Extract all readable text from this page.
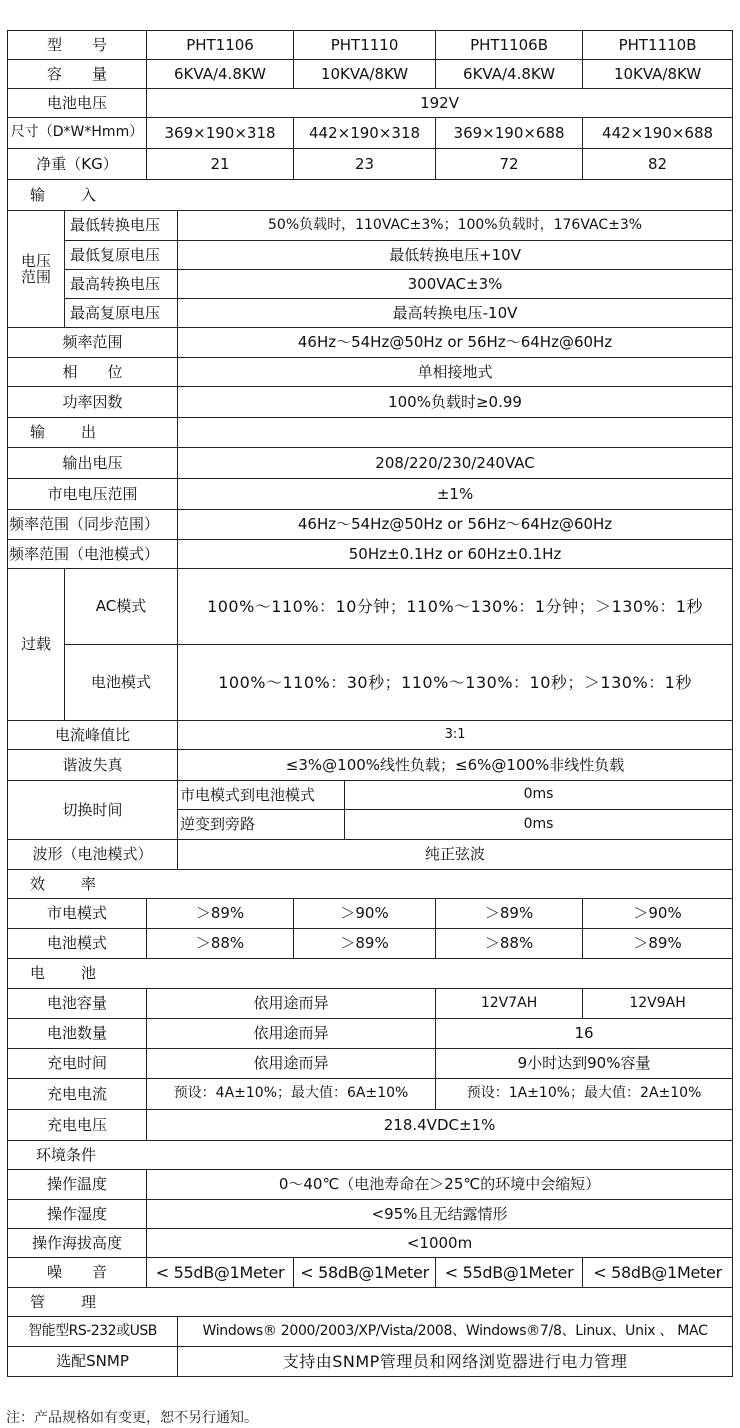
型　　号		PHT1106		PHT1110		PHT1106B	PHT1110B
容　　量		6KVA/4.8KW		10KVA/8KW		6KVA/4.8KW	10KVA/8KW
电池电压		192V					
尺寸（D*W*Hmm）		369×190×318		442×190×318		369×190×688	442×190×688
净重（KG）		21		23		72	82
输　　入							
电压范围	最低转换电压		50%负载时，110VAC±3%；100%负载时，176VAC±3%				
	最低复原电压		最低转换电压+10V				
	最高转换电压		300VAC±3%				
	最高复原电压		最高转换电压-10V				
频率范围			46Hz～54Hz@50Hz or 56Hz～64Hz@60Hz				
相　　位			单相接地式				
功率因数			100%负载时≥0.99				
输　　出							
输出电压			208/220/230/240VAC				
市电电压范围			±1%				
频率范围（同步范围）			46Hz～54Hz@50Hz or 56Hz～64Hz@60Hz				
频率范围（电池模式）			50Hz±0.1Hz or 60Hz±0.1Hz				
过载	AC模式		100%～110%：10分钟；110%～130%：1分钟；＞130%：1秒				
	电池模式		100%～110%：30秒；110%～130%：10秒；＞130%：1秒				
电流峰值比			3:1				
谐波失真			≤3%@100%线性负载；≤6%@100%非线性负载				
切换时间			市电模式到电池模式		0ms		
			逆变到旁路		0ms		
波形（电池模式）			纯正弦波				
效　　率							
市电模式		＞89%		＞90%		＞89%	＞90%
电池模式		＞88%		＞89%		＞88%	＞89%
电　　池							
电池容量		依用途而异				12V7AH	12V9AH
电池数量		依用途而异				16	
充电时间		依用途而异				9小时达到90%容量	
充电电流		预设：4A±10%；最大值：6A±10%				预设：1A±10%；最大值：2A±10%	
充电电压		218.4VDC±1%					
环境条件							
操作温度		0～40℃（电池寿命在＞25℃的环境中会缩短）					
操作湿度		<95%且无结露情形					
操作海拔高度		<1000m					
噪　　音		< 55dB@1Meter		< 58dB@1Meter		< 55dB@1Meter	< 58dB@1Meter
管　　理							
智能型RS-232或USB			Windows® 2000/2003/XP/Vista/2008、Windows®7/8、Linux、Unix 、 MAC				
选配SNMP			支持由SNMP管理员和网络浏览器进行电力管理				
注：产品规格如有变更，恕不另行通知。
